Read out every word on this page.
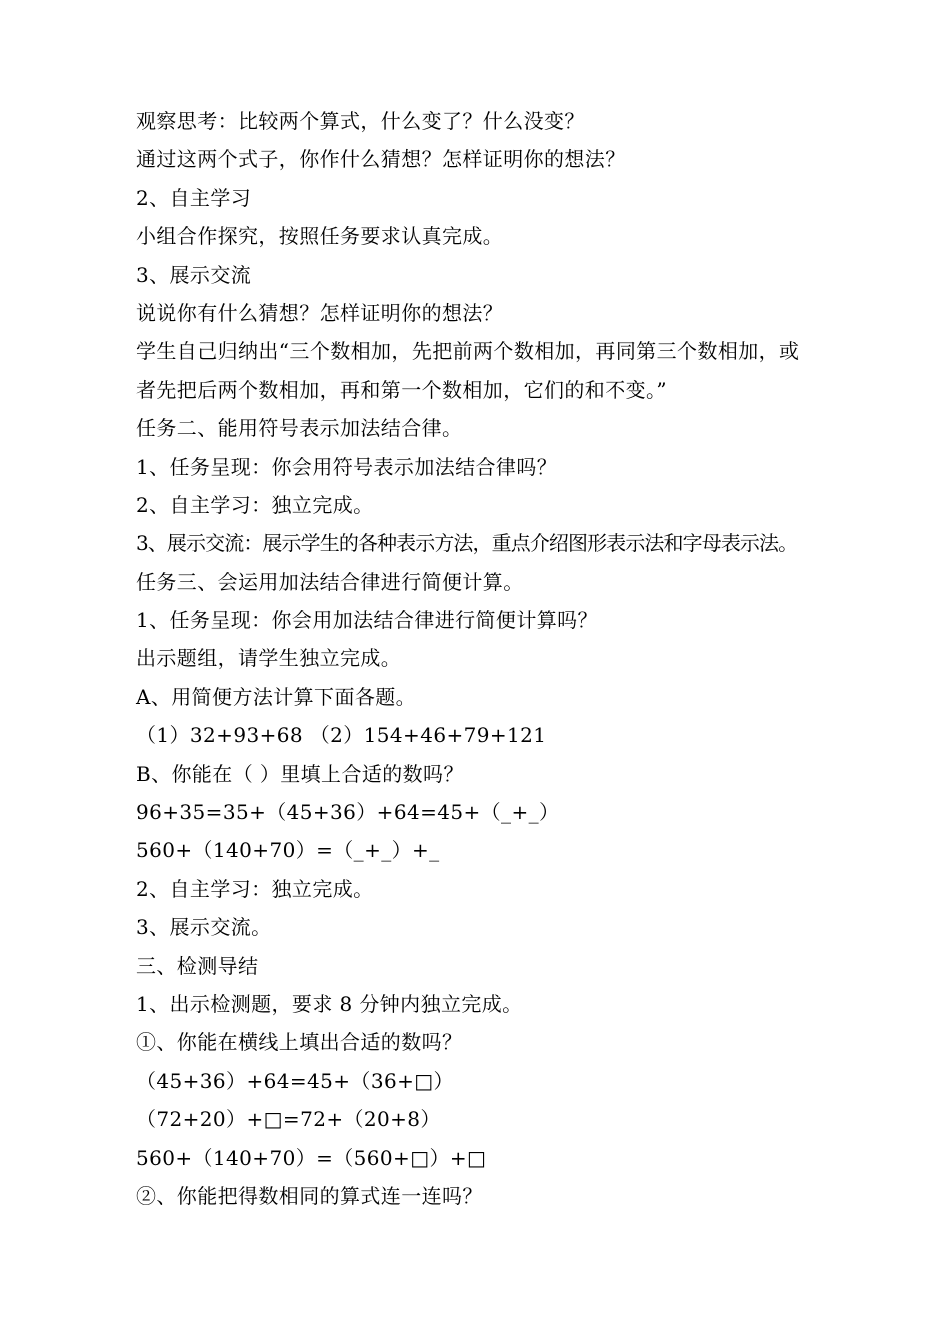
观察思考：比较两个算式，什么变了？什么没变？
通过这两个式子，你作什么猜想？怎样证明你的想法？
2、自主学习
小组合作探究，按照任务要求认真完成。
3、展示交流
说说你有什么猜想？怎样证明你的想法？
学生自己归纳出“三个数相加，先把前两个数相加，再同第三个数相加，或
者先把后两个数相加，再和第一个数相加，它们的和不变。”
任务二、能用符号表示加法结合律。
1、任务呈现：你会用符号表示加法结合律吗？
2、自主学习：独立完成。
3、展示交流：展示学生的各种表示方法，重点介绍图形表示法和字母表示法。
任务三、会运用加法结合律进行简便计算。
1、任务呈现：你会用加法结合律进行简便计算吗？
出示题组，请学生独立完成。
A、用简便方法计算下面各题。
（1）32+93+68 （2）154+46+79+121
B、你能在（ ）里填上合适的数吗？
96+35=35+（45+36）+64=45+（_+_）
560+（140+70）=（_+_）+_
2、自主学习：独立完成。
3、展示交流。
三、检测导结
1、出示检测题，要求 8 分钟内独立完成。
①、你能在横线上填出合适的数吗？
（45+36）+64=45+（36+□）
（72+20）+□=72+（20+8）
560+（140+70）=（560+□）+□
②、你能把得数相同的算式连一连吗？
